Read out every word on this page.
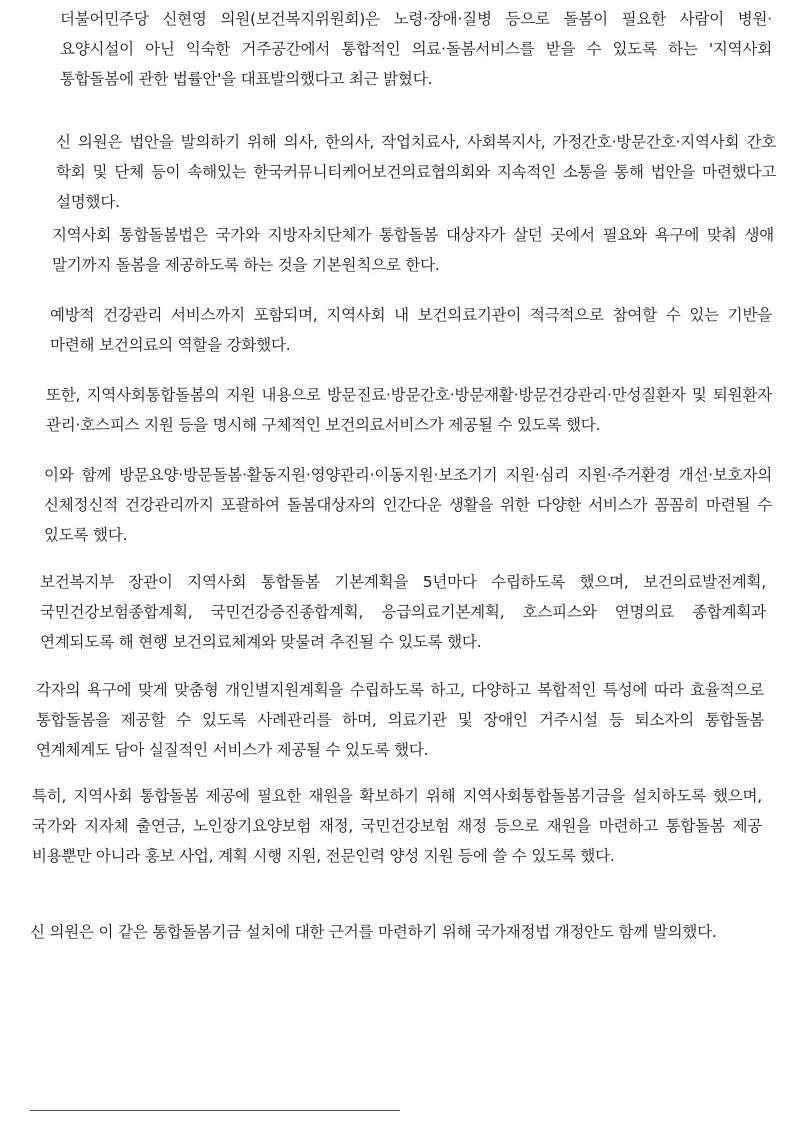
더불어민주당 신현영 의원(보건복지위원회)은 노령·장애·질병 등으로 돌봄이 필요한 사람이 병원·요양시설이 아닌 익숙한 거주공간에서 통합적인 의료·돌봄서비스를 받을 수 있도록 하는 '지역사회 통합돌봄에 관한 법률안'을 대표발의했다고 최근 밝혔다.

신 의원은 법안을 발의하기 위해 의사, 한의사, 작업치료사, 사회복지사, 가정간호·방문간호·지역사회 간호 학회 및 단체 등이 속해있는 한국커뮤니티케어보건의료협의회와 지속적인 소통을 통해 법안을 마련했다고 설명했다.

지역사회 통합돌봄법은 국가와 지방자치단체가 통합돌봄 대상자가 살던 곳에서 필요와 욕구에 맞춰 생애 말기까지 돌봄을 제공하도록 하는 것을 기본원칙으로 한다.

예방적 건강관리 서비스까지 포함되며, 지역사회 내 보건의료기관이 적극적으로 참여할 수 있는 기반을 마련해 보건의료의 역할을 강화했다.

또한, 지역사회통합돌봄의 지원 내용으로 방문진료·방문간호·방문재활·방문건강관리·만성질환자 및 퇴원환자 관리·호스피스 지원 등을 명시해 구체적인 보건의료서비스가 제공될 수 있도록 했다.

이와 함께 방문요양·방문돌봄·활동지원·영양관리·이동지원·보조기기 지원·심리 지원·주거환경 개선·보호자의 신체정신적 건강관리까지 포괄하여 돌봄대상자의 인간다운 생활을 위한 다양한 서비스가 꼼꼼히 마련될 수 있도록 했다.

보건복지부 장관이 지역사회 통합돌봄 기본계획을 5년마다 수립하도록 했으며, 보건의료발전계획, 국민건강보험종합계획, 국민건강증진종합계획, 응급의료기본계획, 호스피스와 연명의료 종합계획과 연계되도록 해 현행 보건의료체계와 맞물려 추진될 수 있도록 했다.

각자의 욕구에 맞게 맞춤형 개인별지원계획을 수립하도록 하고, 다양하고 복합적인 특성에 따라 효율적으로 통합돌봄을 제공할 수 있도록 사례관리를 하며, 의료기관 및 장애인 거주시설 등 퇴소자의 통합돌봄 연계체계도 담아 실질적인 서비스가 제공될 수 있도록 했다.

특히, 지역사회 통합돌봄 제공에 필요한 재원을 확보하기 위해 지역사회통합돌봄기금을 설치하도록 했으며, 국가와 지자체 출연금, 노인장기요양보험 재정, 국민건강보험 재정 등으로 재원을 마련하고 통합돌봄 제공 비용뿐만 아니라 홍보 사업, 계획 시행 지원, 전문인력 양성 지원 등에 쓸 수 있도록 했다.

신 의원은 이 같은 통합돌봄기금 설치에 대한 근거를 마련하기 위해 국가재정법 개정안도 함께 발의했다.
